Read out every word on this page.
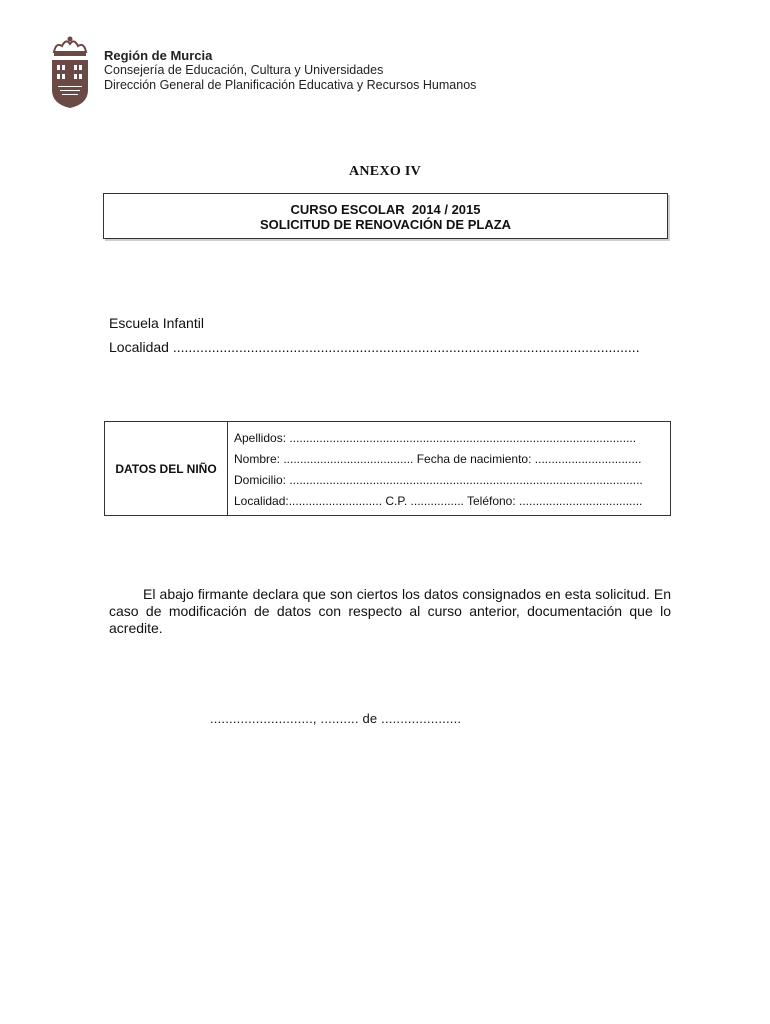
Región de Murcia
Consejería de Educación, Cultura y Universidades
Dirección General de Planificación Educativa y Recursos Humanos
ANEXO IV
CURSO ESCOLAR  2014 / 2015
SOLICITUD DE RENOVACIÓN DE PLAZA
Escuela Infantil
Localidad ........................................................................................................................
DATOS DEL NIÑO
Apellidos: ........................................................................................................
Nombre: ....................................... Fecha de nacimiento: ................................
Domicilio: ..........................................................................................................
Localidad:............................ C.P. ................ Teléfono: .....................................
El abajo firmante declara que son ciertos los datos consignados en esta solicitud. En caso de modificación de datos con respecto al curso anterior, documentación que lo acredite.
..........................., .......... de .....................
